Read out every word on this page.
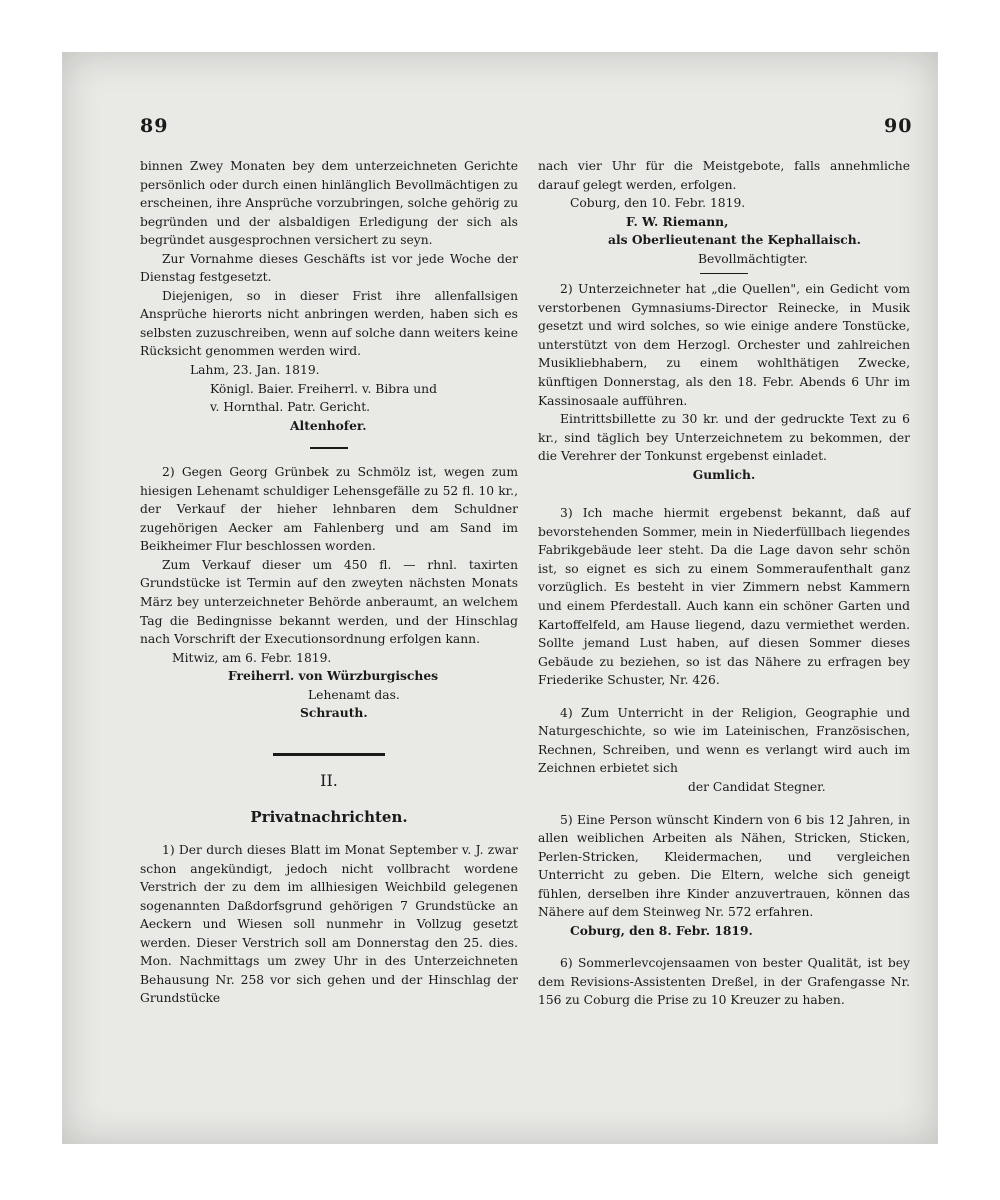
89	90

binnen Zwey Monaten bey dem unterzeichneten Gerichte persönlich oder durch einen hinlänglich Bevollmächtigen zu erscheinen, ihre Ansprüche vorzubringen, solche gehörig zu begründen und der alsbaldigen Erledigung der sich als begründet ausgesprochnen versichert zu seyn.

Zur Vornahme dieses Geschäfts ist vor jede Woche der Dienstag festgesetzt.

Diejenigen, so in dieser Frist ihre allenfallsigen Ansprüche hierorts nicht anbringen werden, haben sich es selbsten zuzuschreiben, wenn auf solche dann weiters keine Rücksicht genommen werden wird.

Lahm, 23. Jan. 1819.

Königl. Baier. Freiherrl. v. Bibra und

v. Hornthal. Patr. Gericht.

Altenhofer.

2) Gegen Georg Grünbek zu Schmölz ist, wegen zum hiesigen Lehenamt schuldiger Lehensgefälle zu 52 fl. 10 kr., der Verkauf der hieher lehnbaren dem Schuldner zugehörigen Aecker am Fahlenberg und am Sand im Beikheimer Flur beschlossen worden.

Zum Verkauf dieser um 450 fl. — rhnl. taxirten Grundstücke ist Termin auf den zweyten nächsten Monats März bey unterzeichneter Behörde anberaumt, an welchem Tag die Bedingnisse bekannt werden, und der Hinschlag nach Vorschrift der Executionsordnung erfolgen kann.

Mitwiz, am 6. Febr. 1819.

Freiherrl. von Würzburgisches

Lehenamt das.

Schrauth.

II.
Privatnachrichten.

1) Der durch dieses Blatt im Monat September v. J. zwar schon angekündigt, jedoch nicht vollbracht wordene Verstrich der zu dem im allhiesigen Weichbild gelegenen sogenannten Daßdorfsgrund gehörigen 7 Grundstücke an Aeckern und Wiesen soll nunmehr in Vollzug gesetzt werden. Dieser Verstrich soll am Donnerstag den 25. dies. Mon. Nachmittags um zwey Uhr in des Unterzeichneten Behausung Nr. 258 vor sich gehen und der Hinschlag der Grundstücke

nach vier Uhr für die Meistgebote, falls annehmliche darauf gelegt werden, erfolgen.

Coburg, den 10. Febr. 1819.

F. W. Riemann,

als Oberlieutenant the Kephallaisch.

Bevollmächtigter.

2) Unterzeichneter hat „die Quellen", ein Gedicht vom verstorbenen Gymnasiums-Director Reinecke, in Musik gesetzt und wird solches, so wie einige andere Tonstücke, unterstützt von dem Herzogl. Orchester und zahlreichen Musikliebhabern, zu einem wohlthätigen Zwecke, künftigen Donnerstag, als den 18. Febr. Abends 6 Uhr im Kassinosaale aufführen.

Eintrittsbillette zu 30 kr. und der gedruckte Text zu 6 kr., sind täglich bey Unterzeichnetem zu bekommen, der die Verehrer der Tonkunst ergebenst einladet.

Gumlich.

3) Ich mache hiermit ergebenst bekannt, daß auf bevorstehenden Sommer, mein in Niederfüllbach liegendes Fabrikgebäude leer steht. Da die Lage davon sehr schön ist, so eignet es sich zu einem Sommeraufenthalt ganz vorzüglich. Es besteht in vier Zimmern nebst Kammern und einem Pferdestall. Auch kann ein schöner Garten und Kartoffelfeld, am Hause liegend, dazu vermiethet werden. Sollte jemand Lust haben, auf diesen Sommer dieses Gebäude zu beziehen, so ist das Nähere zu erfragen bey Friederike Schuster, Nr. 426.

4) Zum Unterricht in der Religion, Geographie und Naturgeschichte, so wie im Lateinischen, Französischen, Rechnen, Schreiben, und wenn es verlangt wird auch im Zeichnen erbietet sich

der Candidat Stegner.

5) Eine Person wünscht Kindern von 6 bis 12 Jahren, in allen weiblichen Arbeiten als Nähen, Stricken, Sticken, Perlen-Stricken, Kleidermachen, und vergleichen Unterricht zu geben. Die Eltern, welche sich geneigt fühlen, derselben ihre Kinder anzuvertrauen, können das Nähere auf dem Steinweg Nr. 572 erfahren.

Coburg, den 8. Febr. 1819.

6) Sommerlevcojensaamen von bester Qualität, ist bey dem Revisions-Assistenten Dreßel, in der Grafengasse Nr. 156 zu Coburg die Prise zu 10 Kreuzer zu haben.
